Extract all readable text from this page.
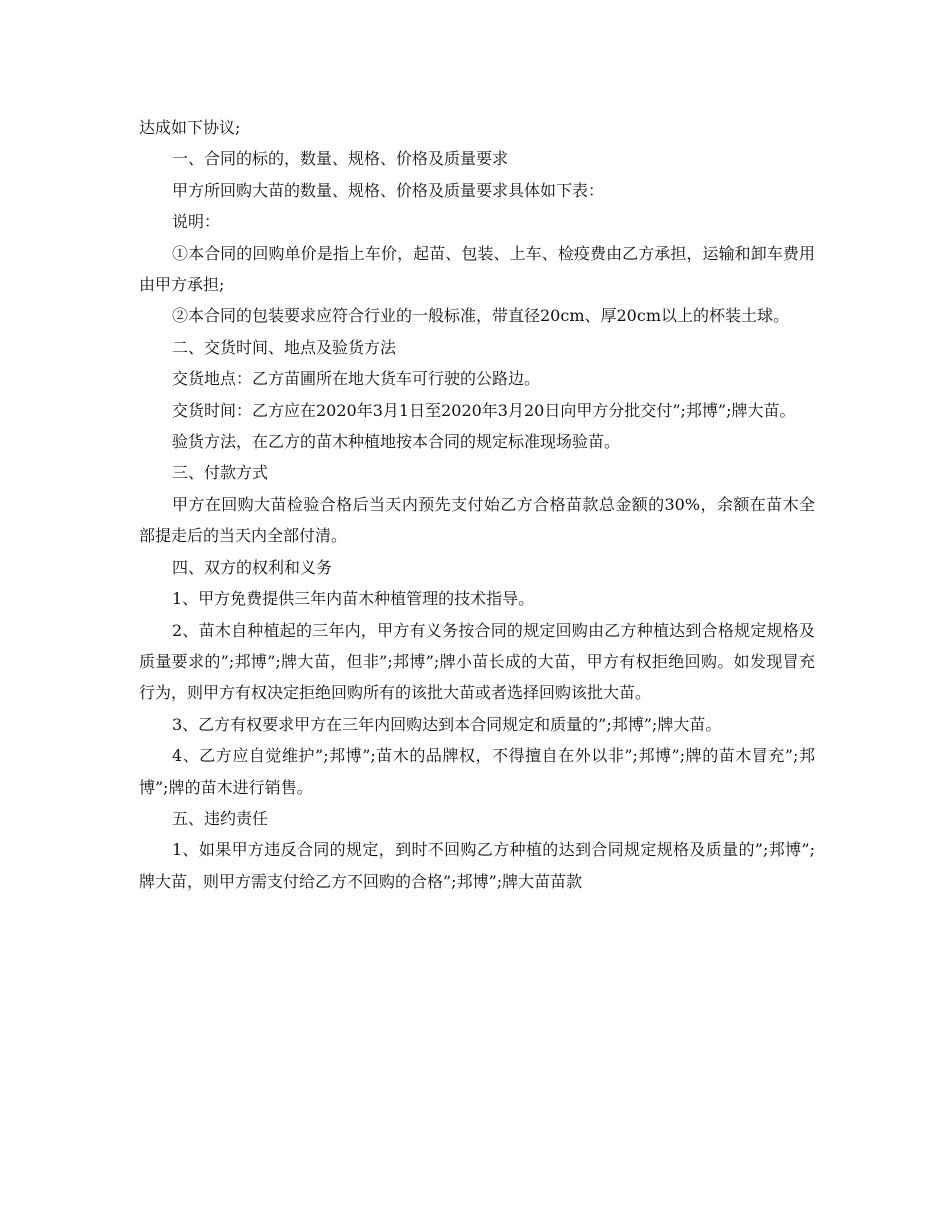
达成如下协议;

一、合同的标的，数量、规格、价格及质量要求

甲方所回购大苗的数量、规格、价格及质量要求具体如下表：

说明：

①本合同的回购单价是指上车价，起苗、包装、上车、检疫费由乙方承担，运输和卸车费用由甲方承担;

②本合同的包装要求应符合行业的一般标准，带直径20cm、厚20cm以上的杯装土球。

二、交货时间、地点及验货方法

交货地点：乙方苗圃所在地大货车可行驶的公路边。

交货时间：乙方应在2020年3月1日至2020年3月20日向甲方分批交付”;邦博”;牌大苗。

验货方法，在乙方的苗木种植地按本合同的规定标准现场验苗。

三、付款方式

甲方在回购大苗检验合格后当天内预先支付始乙方合格苗款总金额的30%，余额在苗木全部提走后的当天内全部付清。

四、双方的权利和义务

1、甲方免费提供三年内苗木种植管理的技术指导。

2、苗木自种植起的三年内，甲方有义务按合同的规定回购由乙方种植达到合格规定规格及质量要求的”;邦博”;牌大苗，但非”;邦博”;牌小苗长成的大苗，甲方有权拒绝回购。如发现冒充行为，则甲方有权决定拒绝回购所有的该批大苗或者选择回购该批大苗。

3、乙方有权要求甲方在三年内回购达到本合同规定和质量的”;邦博”;牌大苗。

4、乙方应自觉维护”;邦博”;苗木的品牌权，不得擅自在外以非”;邦博”;牌的苗木冒充”;邦博”;牌的苗木进行销售。

五、违约责任

1、如果甲方违反合同的规定，到时不回购乙方种植的达到合同规定规格及质量的”;邦博”;牌大苗，则甲方需支付给乙方不回购的合格”;邦博”;牌大苗苗款
